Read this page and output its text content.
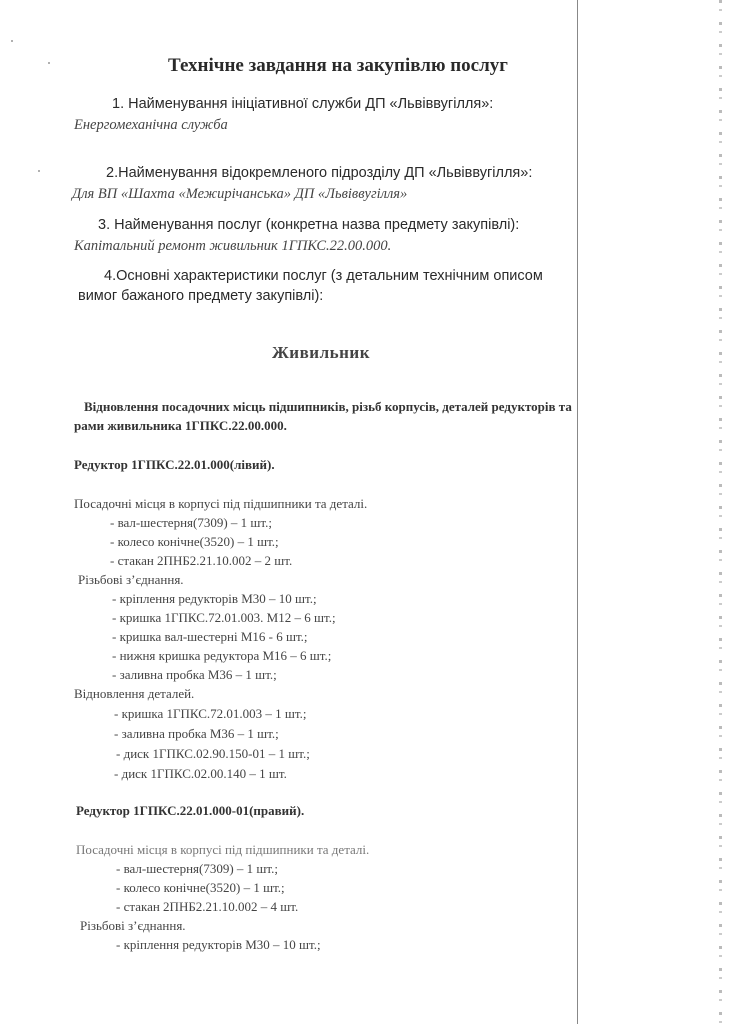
Технічне завдання на закупівлю послуг
1. Найменування ініціативної служби ДП «Львіввугілля»:
Енергомеханічна служба
2.Найменування відокремленого підрозділу ДП «Львіввугілля»:
Для ВП «Шахта «Межирічанська» ДП «Львіввугілля»
3. Найменування послуг (конкретна назва предмету закупівлі):
Капітальний ремонт живильник 1ГПКС.22.00.000.
4.Основні характеристики послуг (з детальним технічним описом
вимог бажаного предмету закупівлі):
Живильник
Відновлення посадочних місць підшипників, різьб корпусів, деталей редукторів та
рами живильника 1ГПКС.22.00.000.
Редуктор 1ГПКС.22.01.000(лівий).
Посадочні місця в корпусі під підшипники та деталі.
- вал-шестерня(7309) – 1 шт.;
- колесо конічне(3520) – 1 шт.;
- стакан 2ПНБ2.21.10.002 – 2 шт.
Різьбові з’єднання.
- кріплення редукторів М30 – 10 шт.;
- кришка 1ГПКС.72.01.003. М12 – 6 шт.;
- кришка вал-шестерні М16 - 6 шт.;
- нижня кришка редуктора М16 – 6 шт.;
- заливна пробка М36 – 1 шт.;
Відновлення деталей.
- кришка 1ГПКС.72.01.003 – 1 шт.;
- заливна пробка М36 – 1 шт.;
- диск 1ГПКС.02.90.150-01 – 1 шт.;
- диск 1ГПКС.02.00.140 – 1 шт.
Редуктор 1ГПКС.22.01.000-01(правий).
Посадочні місця в корпусі під підшипники та деталі.
- вал-шестерня(7309) – 1 шт.;
- колесо конічне(3520) – 1 шт.;
- стакан 2ПНБ2.21.10.002 – 4 шт.
Різьбові з’єднання.
- кріплення редукторів М30 – 10 шт.;
